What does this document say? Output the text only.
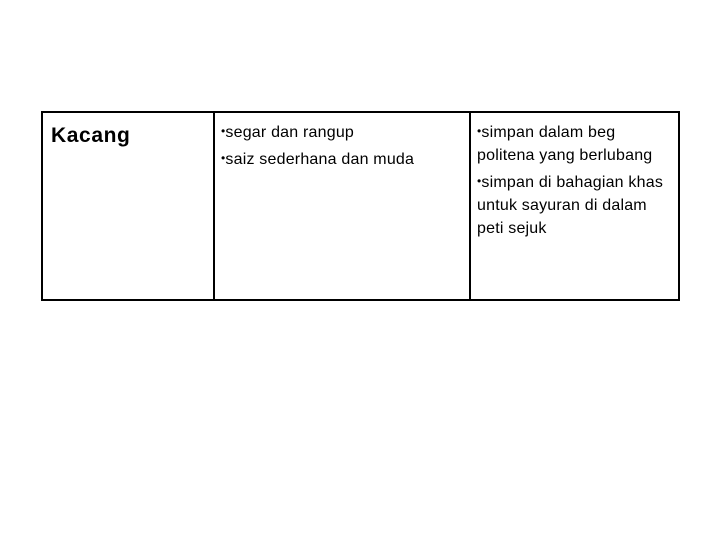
Kacang	•segar dan rangup
•saiz sederhana dan muda
•simpan dalam beg politena yang berlubang
•simpan di bahagian khas untuk sayuran di dalam peti sejuk
